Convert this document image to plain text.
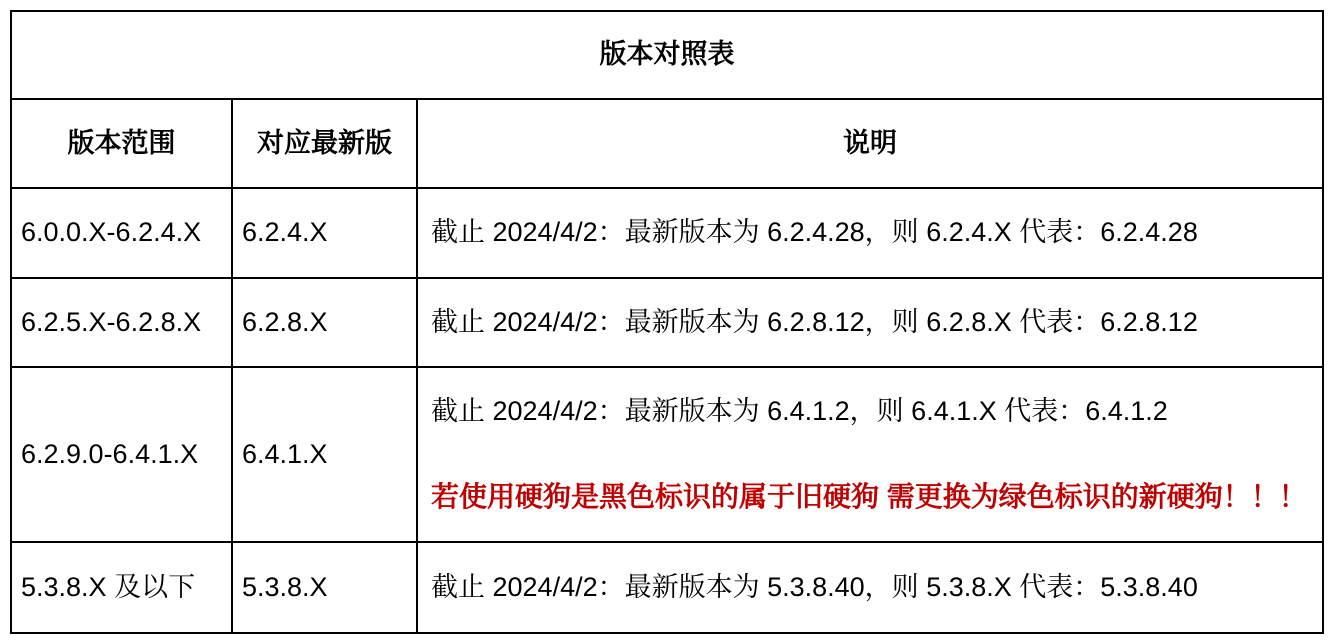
版本对照表		
版本范围	对应最新版	说明
6.0.0.X-6.2.4.X	6.2.4.X	截止 2024/4/2：最新版本为 6.2.4.28，则 6.2.4.X 代表：6.2.4.28
6.2.5.X-6.2.8.X	6.2.8.X	截止 2024/4/2：最新版本为 6.2.8.12，则 6.2.8.X 代表：6.2.8.12
6.2.9.0-6.4.1.X	6.4.1.X	截止 2024/4/2：最新版本为 6.4.1.2，则 6.4.1.X 代表：6.4.1.2
若使用硬狗是黑色标识的属于旧硬狗 需更换为绿色标识的新硬狗！！！

5.3.8.X 及以下	5.3.8.X	截止 2024/4/2：最新版本为 5.3.8.40，则 5.3.8.X 代表：5.3.8.40
